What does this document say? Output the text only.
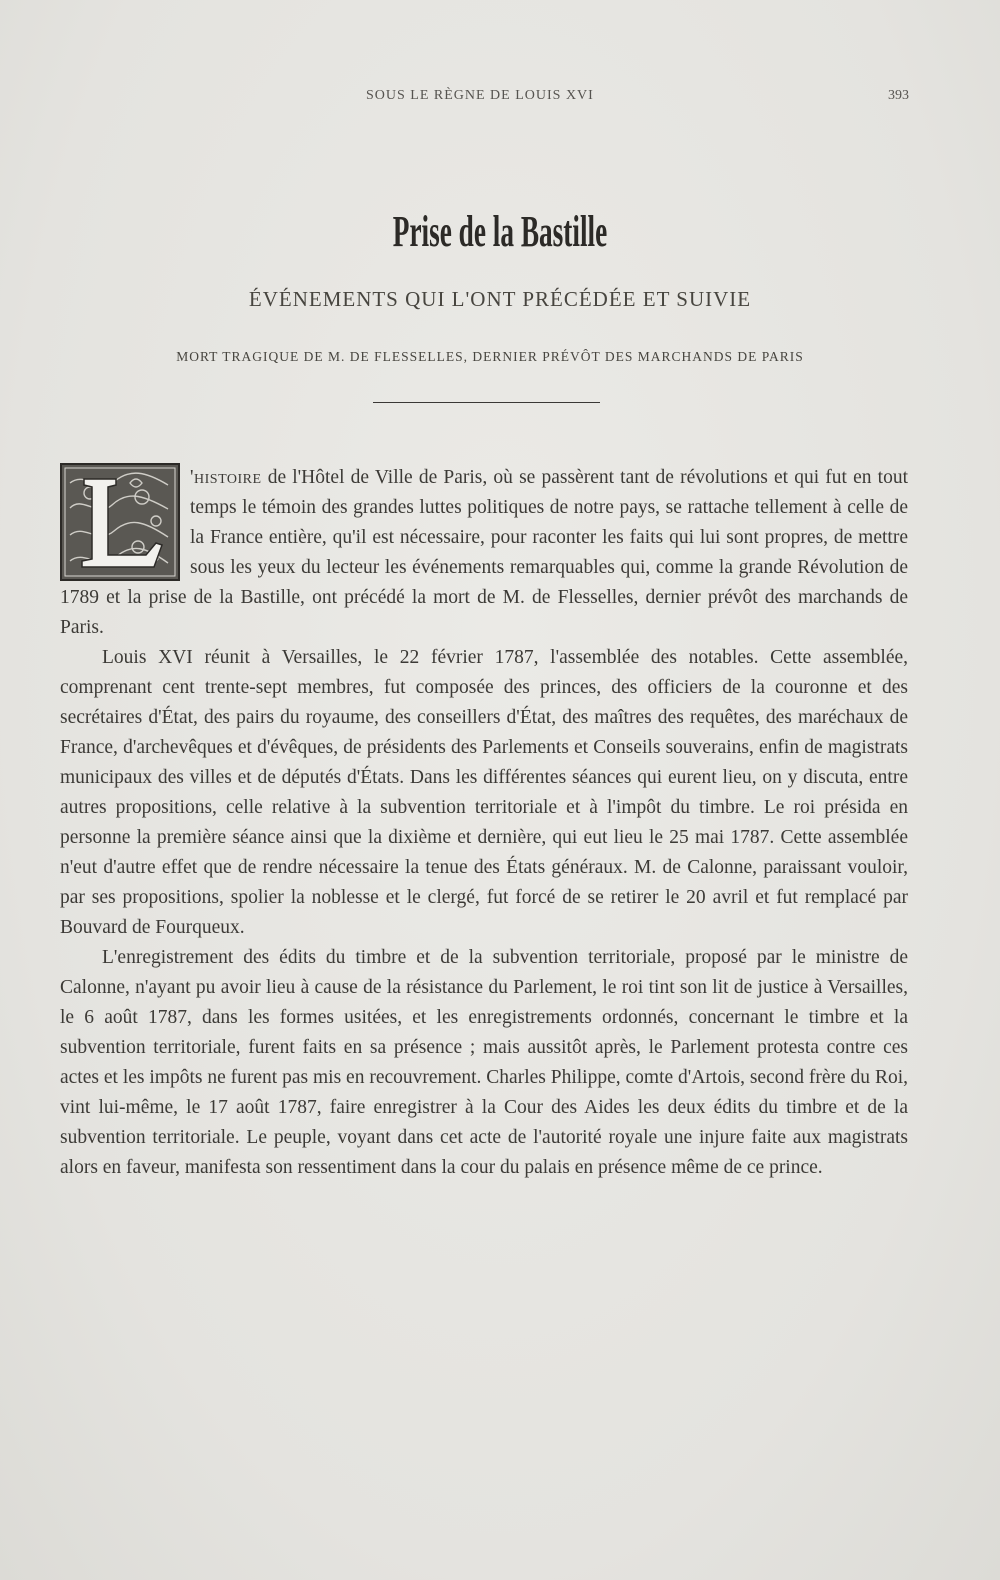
SOUS LE RÈGNE DE LOUIS XVI	393
Prise de la Bastille
ÉVÉNEMENTS QUI L'ONT PRÉCÉDÉE ET SUIVIE
MORT TRAGIQUE DE M. DE FLESSELLES, DERNIER PRÉVÔT DES MARCHANDS DE PARIS

'histoire de l'Hôtel de Ville de Paris, où se passèrent tant de révolutions et qui fut en tout temps le témoin des grandes luttes politiques de notre pays, se rattache tellement à celle de la France entière, qu'il est nécessaire, pour raconter les faits qui lui sont propres, de mettre sous les yeux du lecteur les événements remarquables qui, comme la grande Révolution de 1789 et la prise de la Bastille, ont précédé la mort de M. de Flesselles, dernier prévôt des marchands de Paris.

Louis XVI réunit à Versailles, le 22 février 1787, l'assemblée des notables. Cette assemblée, comprenant cent trente-sept membres, fut composée des princes, des officiers de la couronne et des secrétaires d'État, des pairs du royaume, des conseillers d'État, des maîtres des requêtes, des maréchaux de France, d'archevêques et d'évêques, de présidents des Parlements et Conseils souverains, enfin de magistrats municipaux des villes et de députés d'États. Dans les différentes séances qui eurent lieu, on y discuta, entre autres propositions, celle relative à la subvention territoriale et à l'impôt du timbre. Le roi présida en personne la première séance ainsi que la dixième et dernière, qui eut lieu le 25 mai 1787. Cette assemblée n'eut d'autre effet que de rendre nécessaire la tenue des États généraux. M. de Calonne, paraissant vouloir, par ses propositions, spolier la noblesse et le clergé, fut forcé de se retirer le 20 avril et fut remplacé par Bouvard de Fourqueux.

L'enregistrement des édits du timbre et de la subvention territoriale, proposé par le ministre de Calonne, n'ayant pu avoir lieu à cause de la résistance du Parlement, le roi tint son lit de justice à Versailles, le 6 août 1787, dans les formes usitées, et les enregistrements ordonnés, concernant le timbre et la subvention territoriale, furent faits en sa présence ; mais aussitôt après, le Parlement protesta contre ces actes et les impôts ne furent pas mis en recouvrement. Charles Philippe, comte d'Artois, second frère du Roi, vint lui-même, le 17 août 1787, faire enregistrer à la Cour des Aides les deux édits du timbre et de la subvention territoriale. Le peuple, voyant dans cet acte de l'autorité royale une injure faite aux magistrats alors en faveur, manifesta son ressentiment dans la cour du palais en présence même de ce prince.
